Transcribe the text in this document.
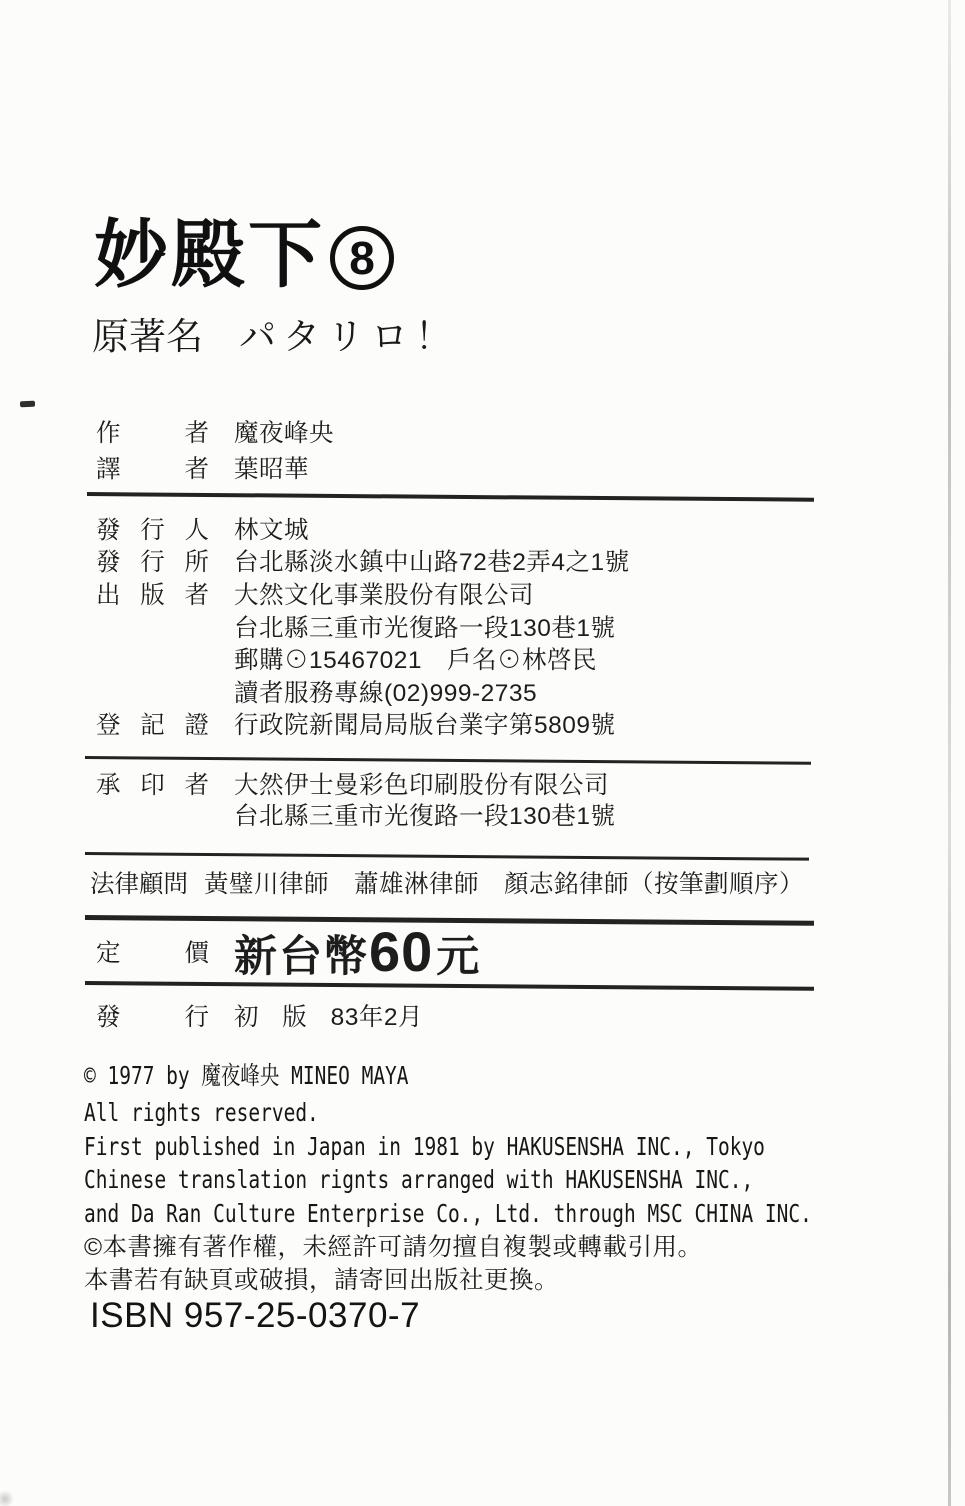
妙殿下 8
原著名 パタリロ！
作者 魔夜峰央
譯者 葉昭華
發行人 林文城
發行所 台北縣淡水鎮中山路72巷2弄4之1號
出版者 大然文化事業股份有限公司
台北縣三重市光復路一段130巷1號
郵購⊙15467021　戶名⊙林啓民
讀者服務專線(02)999-2735
登記證 行政院新聞局局版台業字第5809號
承印者 大然伊士曼彩色印刷股份有限公司
台北縣三重市光復路一段130巷1號
法律顧問 黃璧川律師　蕭雄淋律師　顏志銘律師（按筆劃順序）
定價 新台幣60元
發行 初 版 83年2月
© 1977 by 魔夜峰央 MINEO MAYA
All rights reserved.
First published in Japan in 1981 by HAKUSENSHA INC., Tokyo
Chinese translation rignts arranged with HAKUSENSHA INC.,
and Da Ran Culture Enterprise Co., Ltd. through MSC CHINA INC.
©本書擁有著作權，未經許可請勿擅自複製或轉載引用。
本書若有缺頁或破損，請寄回出版社更換。
ISBN 957-25-0370-7
